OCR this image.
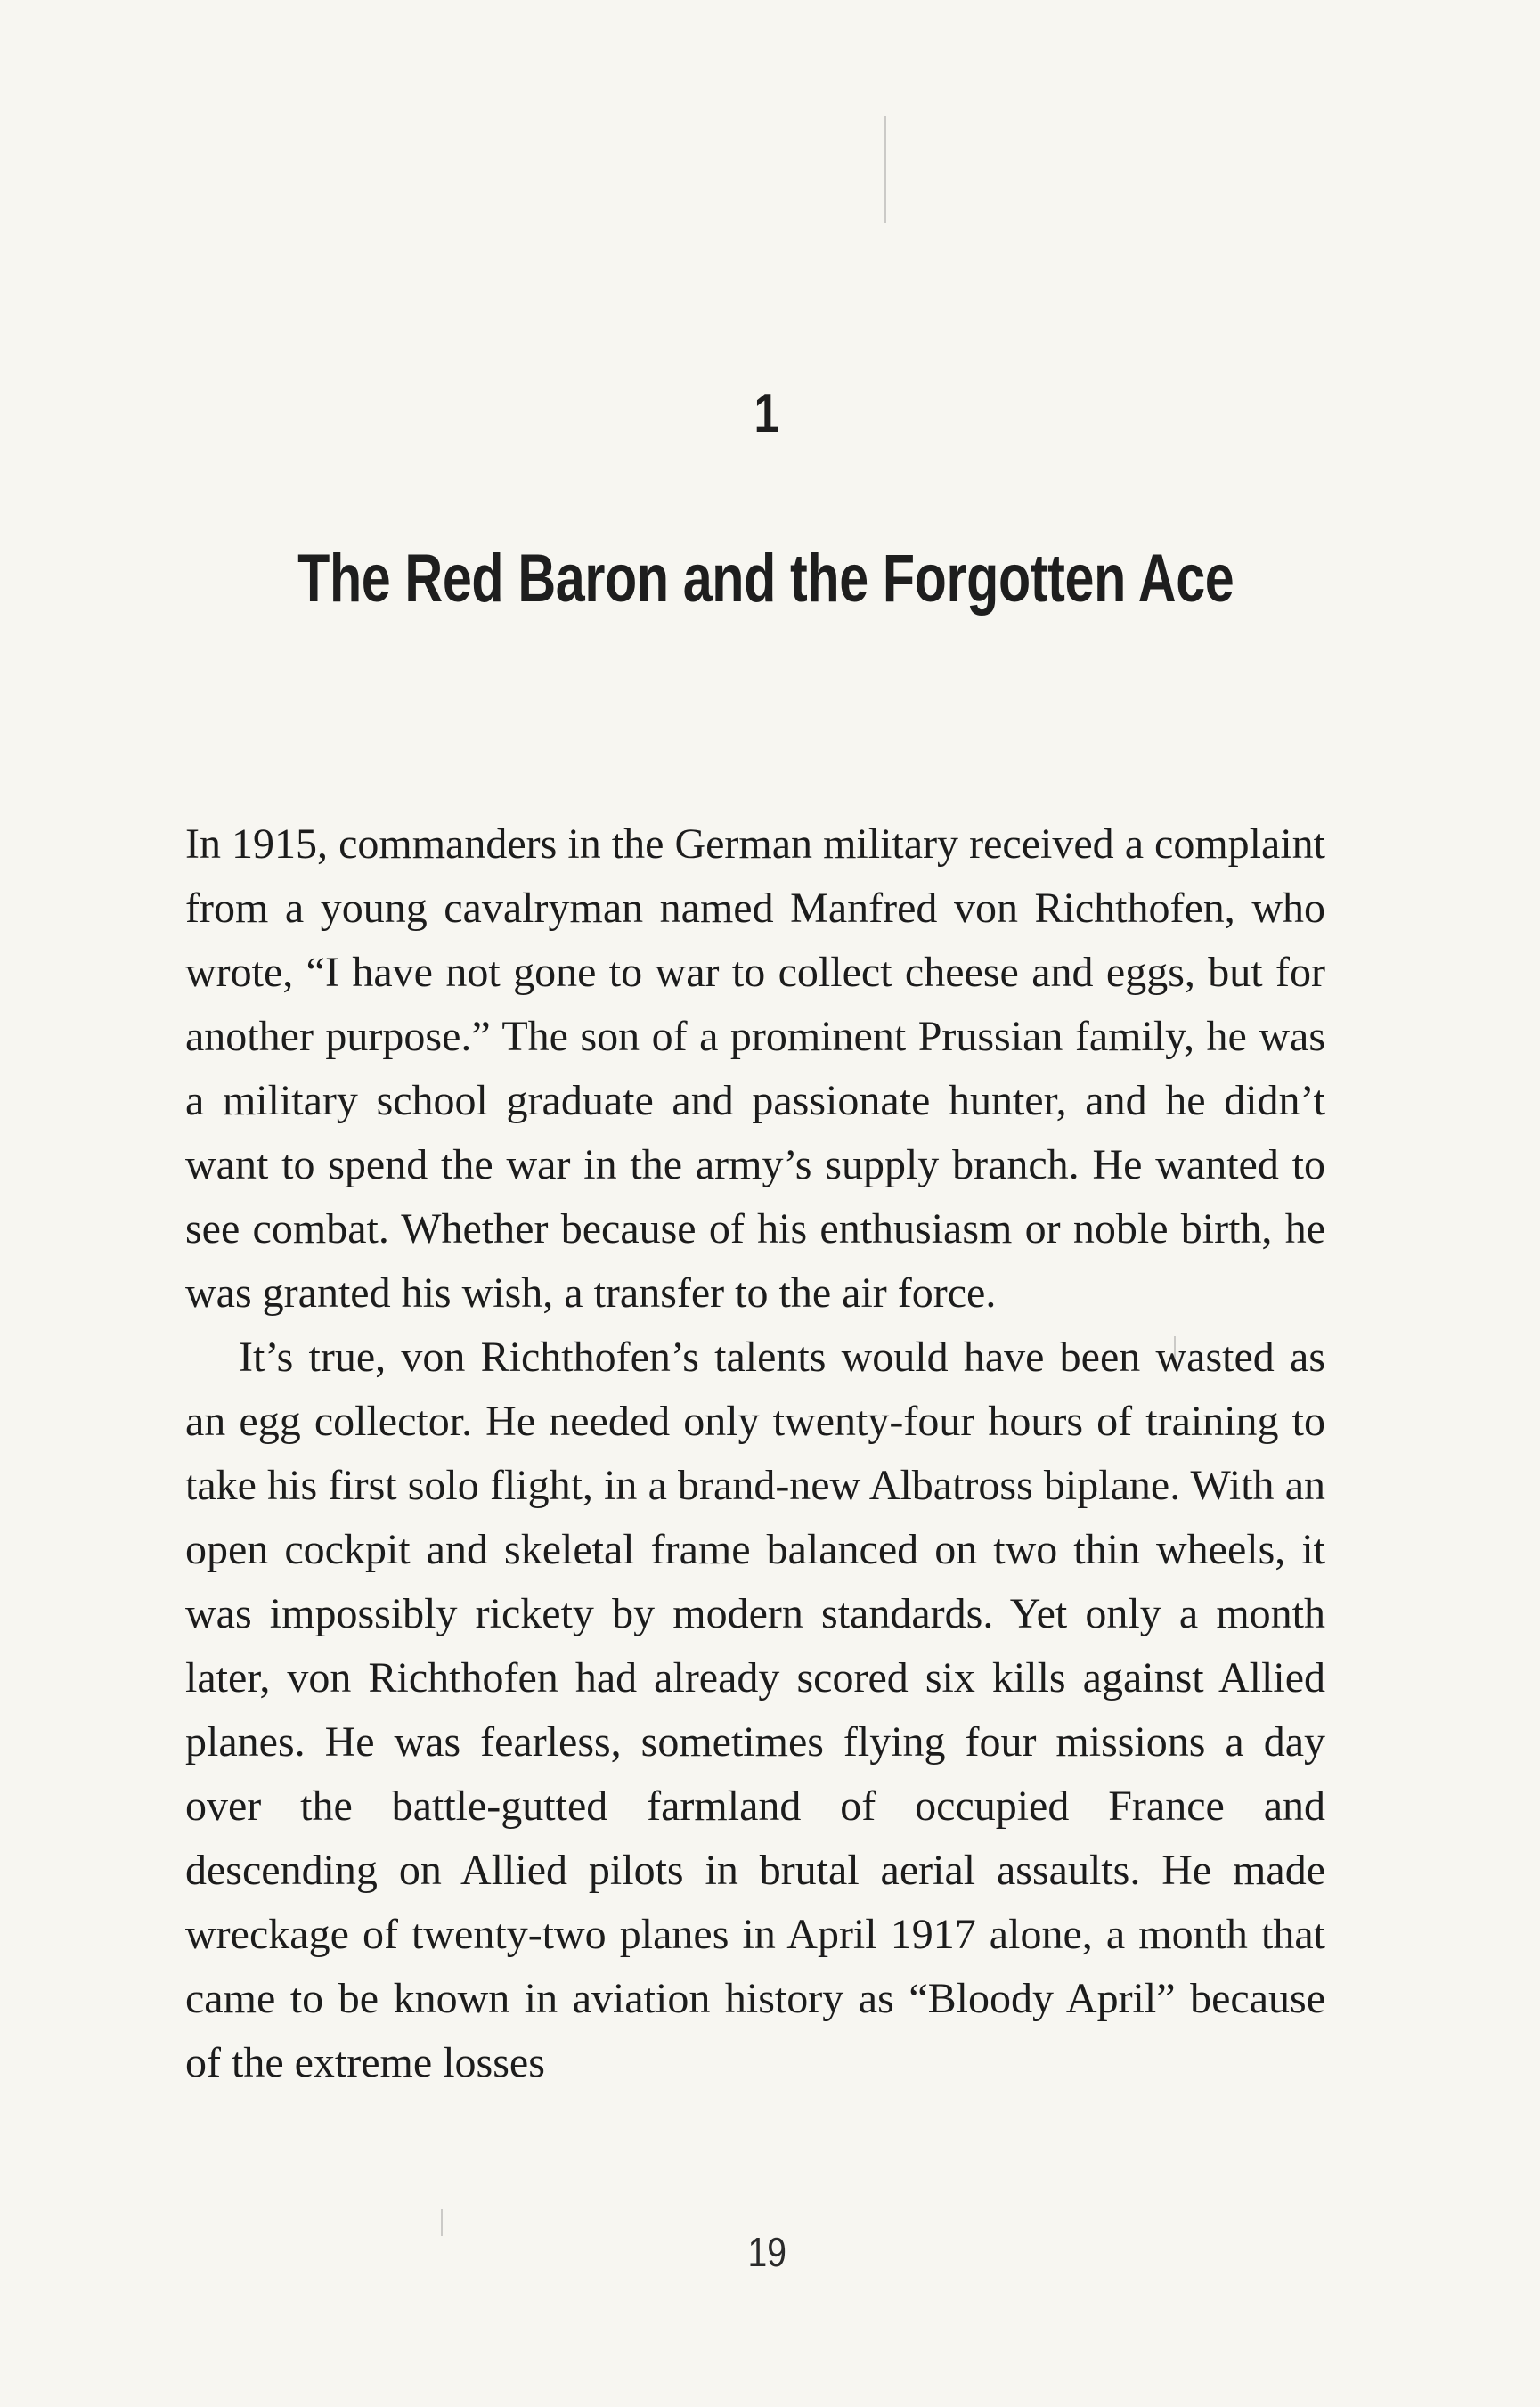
1
The Red Baron and the Forgotten Ace

In 1915, commanders in the German military received a complaint from a young cavalryman named Manfred von Richthofen, who wrote, “I have not gone to war to collect cheese and eggs, but for another purpose.” The son of a prominent Prussian family, he was a military school graduate and passionate hunter, and he didn’t want to spend the war in the army’s supply branch. He wanted to see combat. Whether because of his enthusiasm or noble birth, he was granted his wish, a transfer to the air force.

It’s true, von Richthofen’s talents would have been wasted as an egg collector. He needed only twenty-four hours of training to take his first solo flight, in a brand-new Albatross biplane. With an open cockpit and skeletal frame balanced on two thin wheels, it was impossibly rickety by modern standards. Yet only a month later, von Richthofen had already scored six kills against Allied planes. He was fearless, sometimes flying four missions a day over the battle-gutted farmland of occupied France and descending on Allied pilots in brutal aerial assaults. He made wreckage of twenty-two planes in April 1917 alone, a month that came to be known in aviation history as “Bloody April” because of the extreme losses

19
